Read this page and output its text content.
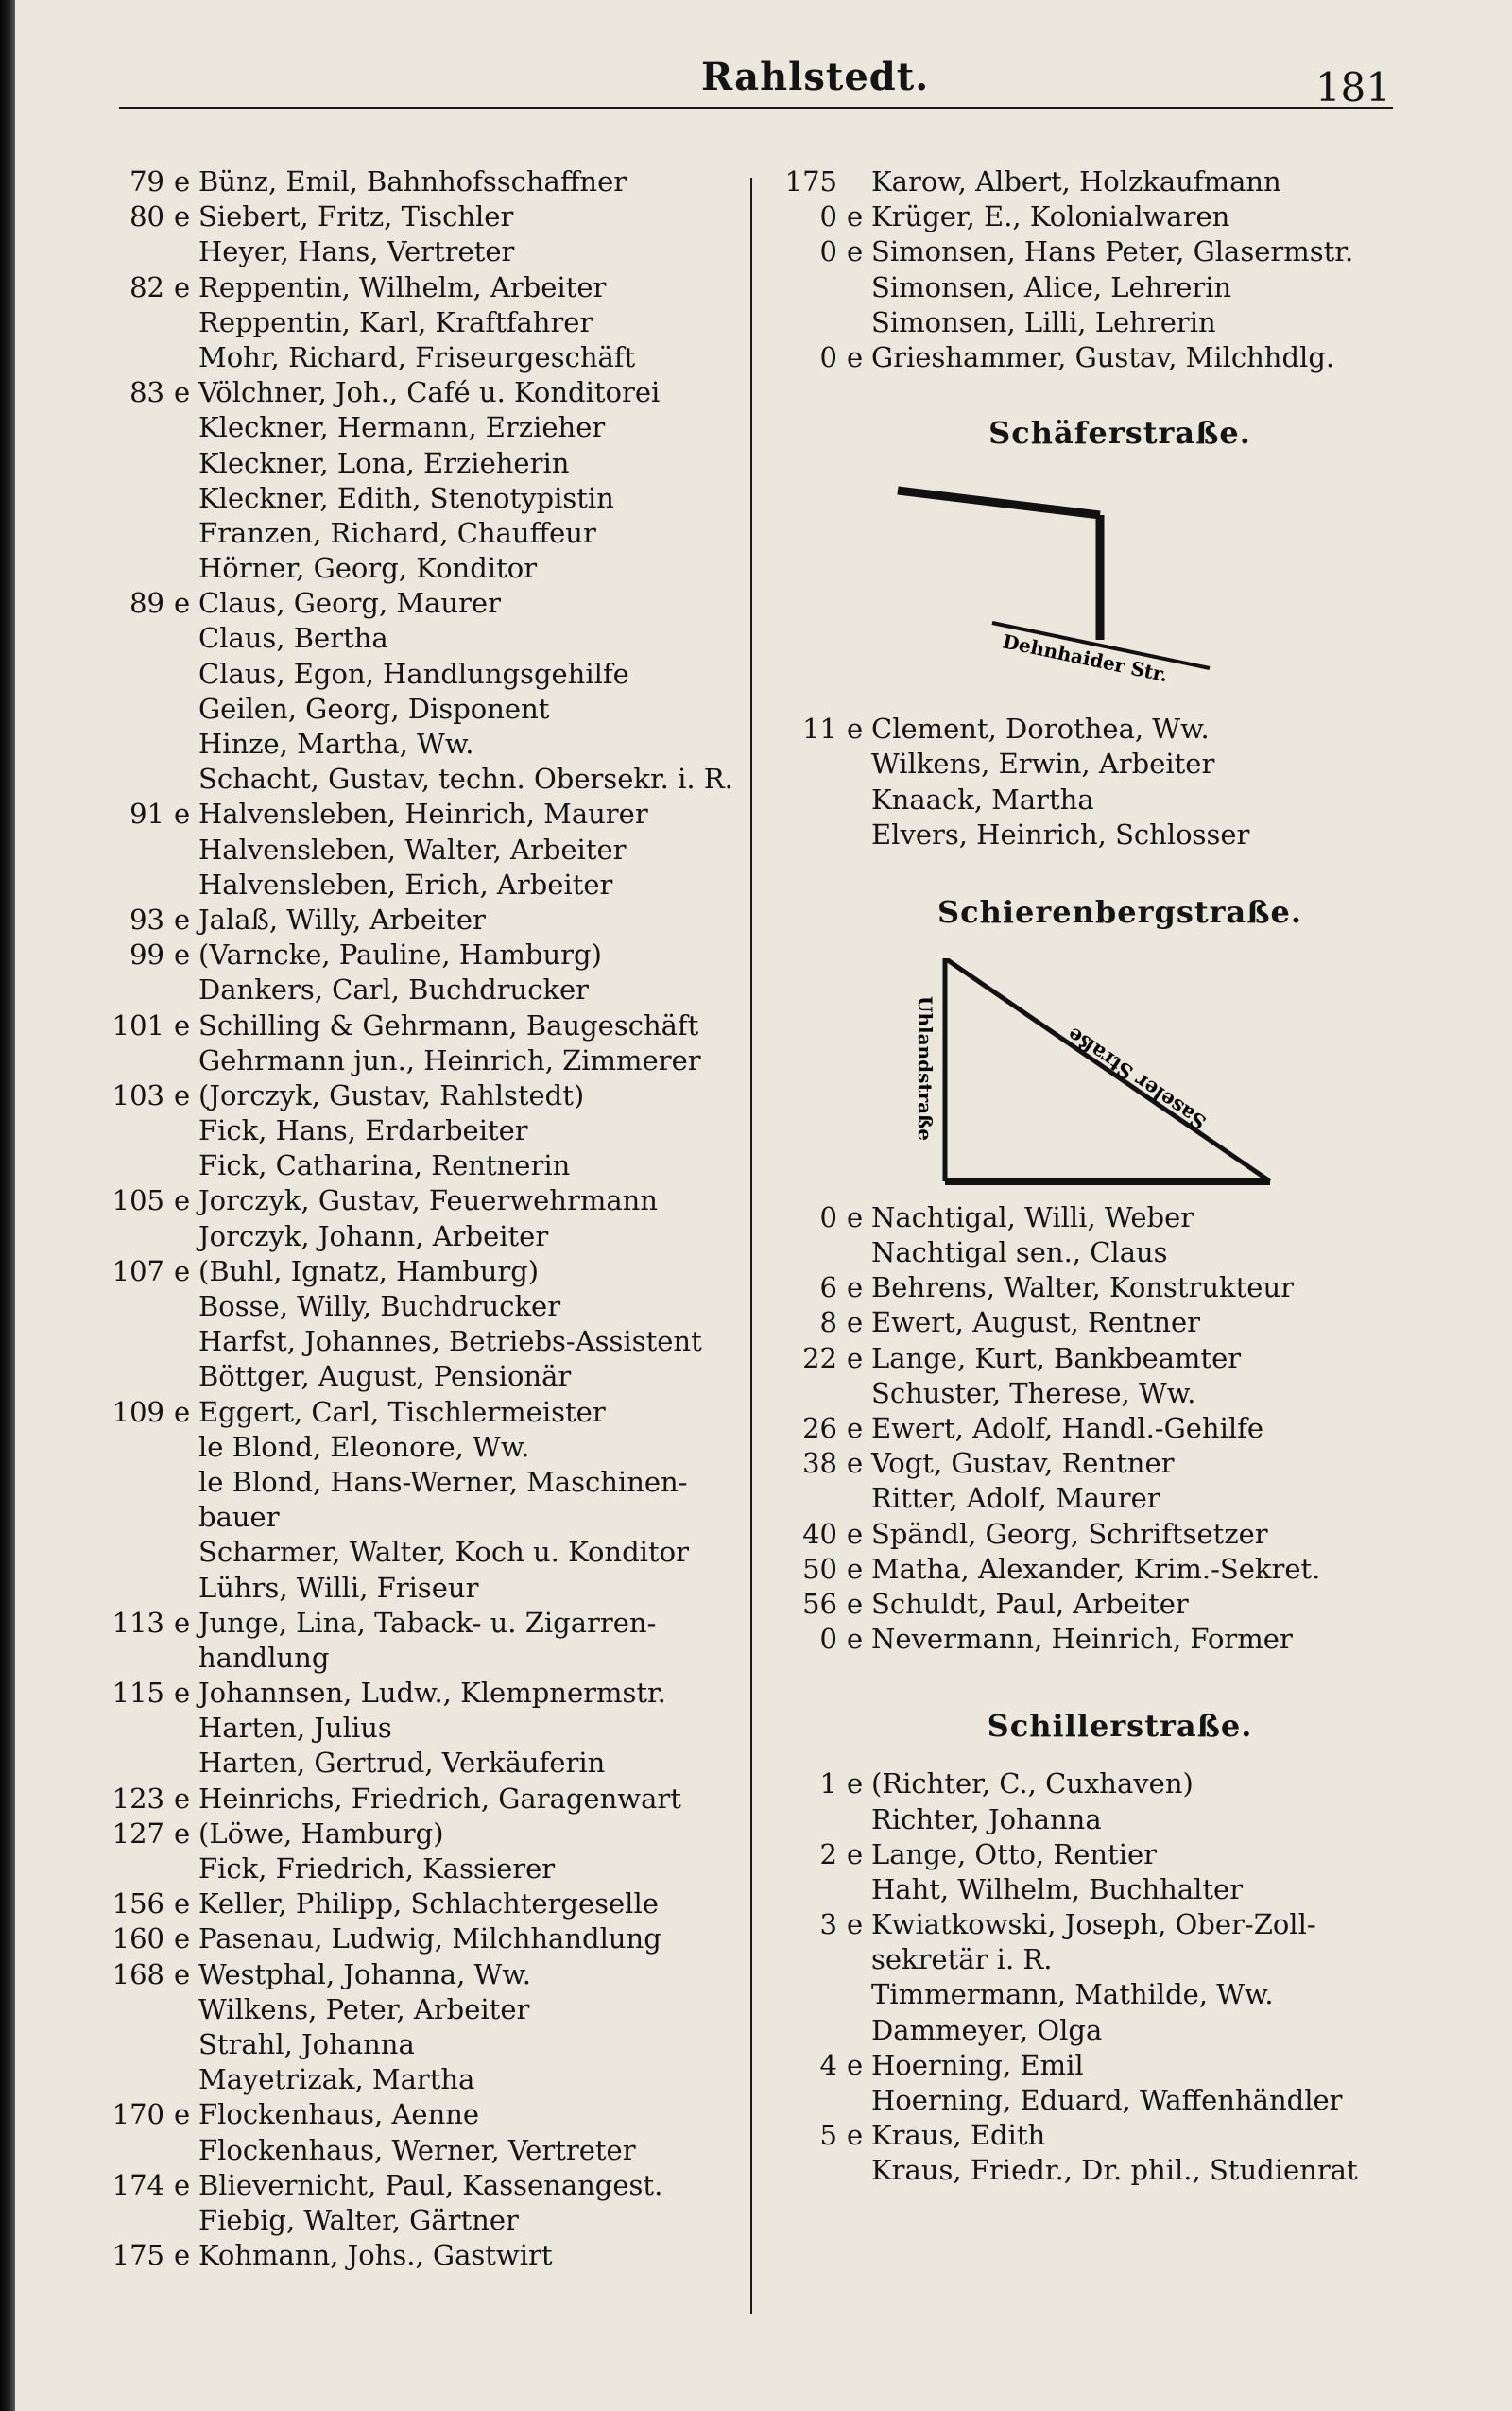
Rahlstedt.	181
79 e Bünz, Emil, Bahnhofsschaffner
80 e Siebert, Fritz, Tischler
Heyer, Hans, Vertreter
82 e Reppentin, Wilhelm, Arbeiter
Reppentin, Karl, Kraftfahrer
Mohr, Richard, Friseurgeschäft
83 e Völchner, Joh., Café u. Konditorei
Kleckner, Hermann, Erzieher
Kleckner, Lona, Erzieherin
Kleckner, Edith, Stenotypistin
Franzen, Richard, Chauffeur
Hörner, Georg, Konditor
89 e Claus, Georg, Maurer
Claus, Bertha
Claus, Egon, Handlungsgehilfe
Geilen, Georg, Disponent
Hinze, Martha, Ww.
Schacht, Gustav, techn. Obersekr. i. R.
91 e Halvensleben, Heinrich, Maurer
Halvensleben, Walter, Arbeiter
Halvensleben, Erich, Arbeiter
93 e Jalaß, Willy, Arbeiter
99 e (Varncke, Pauline, Hamburg)
Dankers, Carl, Buchdrucker
101 e Schilling & Gehrmann, Baugeschäft
Gehrmann jun., Heinrich, Zimmerer
103 e (Jorczyk, Gustav, Rahlstedt)
Fick, Hans, Erdarbeiter
Fick, Catharina, Rentnerin
105 e Jorczyk, Gustav, Feuerwehrmann
Jorczyk, Johann, Arbeiter
107 e (Buhl, Ignatz, Hamburg)
Bosse, Willy, Buchdrucker
Harfst, Johannes, Betriebs-Assistent
Böttger, August, Pensionär
109 e Eggert, Carl, Tischlermeister
le Blond, Eleonore, Ww.
le Blond, Hans-Werner, Maschinen-
bauer
Scharmer, Walter, Koch u. Konditor
Lührs, Willi, Friseur
113 e Junge, Lina, Taback- u. Zigarren-
handlung
115 e Johannsen, Ludw., Klempnermstr.
Harten, Julius
Harten, Gertrud, Verkäuferin
123 e Heinrichs, Friedrich, Garagenwart
127 e (Löwe, Hamburg)
Fick, Friedrich, Kassierer
156 e Keller, Philipp, Schlachtergeselle
160 e Pasenau, Ludwig, Milchhandlung
168 e Westphal, Johanna, Ww.
Wilkens, Peter, Arbeiter
Strahl, Johanna
Mayetrizak, Martha
170 e Flockenhaus, Aenne
Flockenhaus, Werner, Vertreter
174 e Blievernicht, Paul, Kassenangest.
Fiebig, Walter, Gärtner
175 e Kohmann, Johs., Gastwirt
175	Karow, Albert, Holzkaufmann
0 e Krüger, E., Kolonialwaren
0 e Simonsen, Hans Peter, Glasermstr.
Simonsen, Alice, Lehrerin
Simonsen, Lilli, Lehrerin
0 e Grieshammer, Gustav, Milchhdlg.
Schäferstraße.
Dehnhaider Str.
11 e Clement, Dorothea, Ww.
Wilkens, Erwin, Arbeiter
Knaack, Martha
Elvers, Heinrich, Schlosser
Schierenbergstraße.
Uhlandstraße	Saseler Straße
0 e Nachtigal, Willi, Weber
Nachtigal sen., Claus
6 e Behrens, Walter, Konstrukteur
8 e Ewert, August, Rentner
22 e Lange, Kurt, Bankbeamter
Schuster, Therese, Ww.
26 e Ewert, Adolf, Handl.-Gehilfe
38 e Vogt, Gustav, Rentner
Ritter, Adolf, Maurer
40 e Spändl, Georg, Schriftsetzer
50 e Matha, Alexander, Krim.-Sekret.
56 e Schuldt, Paul, Arbeiter
0 e Nevermann, Heinrich, Former
Schillerstraße.
1 e (Richter, C., Cuxhaven)
Richter, Johanna
2 e Lange, Otto, Rentier
Haht, Wilhelm, Buchhalter
3 e Kwiatkowski, Joseph, Ober-Zoll-
sekretär i. R.
Timmermann, Mathilde, Ww.
Dammeyer, Olga
4 e Hoerning, Emil
Hoerning, Eduard, Waffenhändler
5 e Kraus, Edith
Kraus, Friedr., Dr. phil., Studienrat
